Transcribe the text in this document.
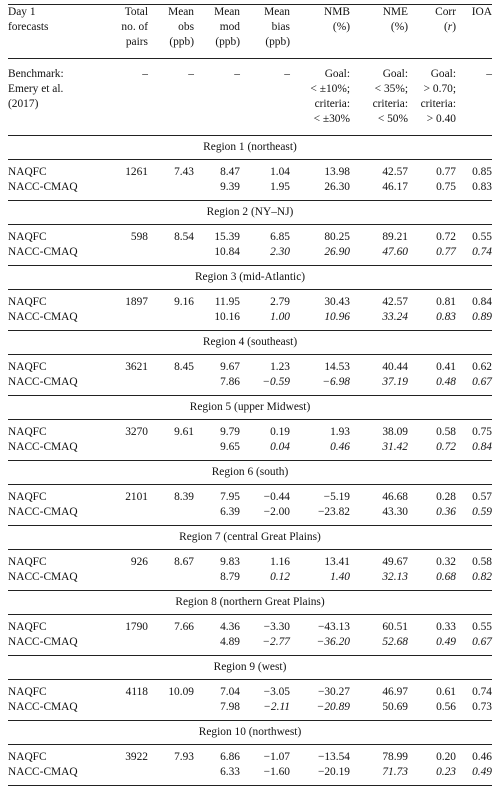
Day 1
forecasts	Total
no. of
pairs	Mean
obs
(ppb)	Mean
mod
(ppb)	Mean
bias
(ppb)	NMB
(%)	NME
(%)	Corr
(r)	IOA
Benchmark:
Emery et al.
(2017)	–	–	–	–	Goal:
< ±10%;
criteria:
< ±30%	Goal:
< 35%;
criteria:
< 50%	Goal:
> 0.70;
criteria:
> 0.40	–
Region 1 (northeast)								
NAQFC	1261	7.43	8.47	1.04	13.98	42.57	0.77	0.85
NACC-CMAQ			9.39	1.95	26.30	46.17	0.75	0.83
Region 2 (NY–NJ)								
NAQFC	598	8.54	15.39	6.85	80.25	89.21	0.72	0.55
NACC-CMAQ			10.84	2.30	26.90	47.60	0.77	0.74
Region 3 (mid-Atlantic)								
NAQFC	1897	9.16	11.95	2.79	30.43	42.57	0.81	0.84
NACC-CMAQ			10.16	1.00	10.96	33.24	0.83	0.89
Region 4 (southeast)								
NAQFC	3621	8.45	9.67	1.23	14.53	40.44	0.41	0.62
NACC-CMAQ			7.86	−0.59	−6.98	37.19	0.48	0.67
Region 5 (upper Midwest)								
NAQFC	3270	9.61	9.79	0.19	1.93	38.09	0.58	0.75
NACC-CMAQ			9.65	0.04	0.46	31.42	0.72	0.84
Region 6 (south)								
NAQFC	2101	8.39	7.95	−0.44	−5.19	46.68	0.28	0.57
NACC-CMAQ			6.39	−2.00	−23.82	43.30	0.36	0.59
Region 7 (central Great Plains)								
NAQFC	926	8.67	9.83	1.16	13.41	49.67	0.32	0.58
NACC-CMAQ			8.79	0.12	1.40	32.13	0.68	0.82
Region 8 (northern Great Plains)								
NAQFC	1790	7.66	4.36	−3.30	−43.13	60.51	0.33	0.55
NACC-CMAQ			4.89	−2.77	−36.20	52.68	0.49	0.67
Region 9 (west)								
NAQFC	4118	10.09	7.04	−3.05	−30.27	46.97	0.61	0.74
NACC-CMAQ			7.98	−2.11	−20.89	50.69	0.56	0.73
Region 10 (northwest)								
NAQFC	3922	7.93	6.86	−1.07	−13.54	78.99	0.20	0.46
NACC-CMAQ			6.33	−1.60	−20.19	71.73	0.23	0.49
